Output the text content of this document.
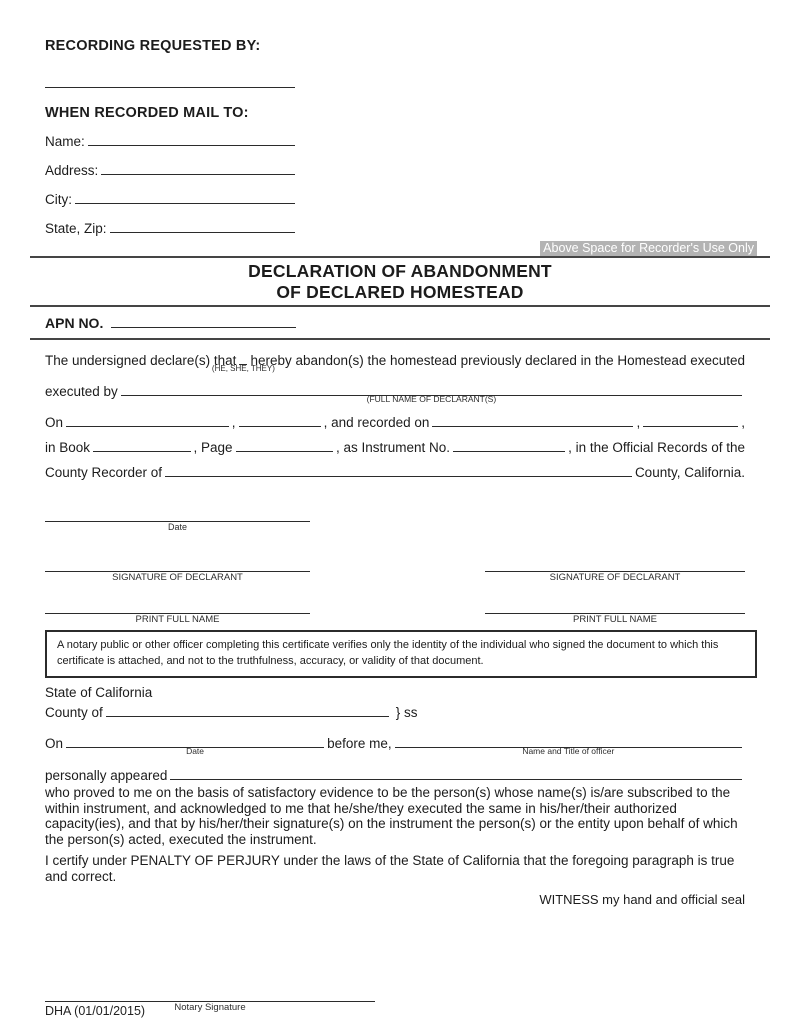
RECORDING REQUESTED BY:
WHEN RECORDED MAIL TO:
Name:
Address:
City:
State, Zip:
Above Space for Recorder's Use Only
DECLARATION OF ABANDONMENT
OF DECLARED HOMESTEAD
APN NO.
The undersigned declare(s) that
(HE, SHE, THEY)
hereby abandon(s) the homestead previously declared in the Homestead executed
executed by	(FULL NAME OF DECLARANT(S)
On	,	, and recorded on	,	,
in Book	, Page	, as Instrument No.	, in the Official Records of the
County Recorder of	County, California.
Date
SIGNATURE OF DECLARANT	SIGNATURE OF DECLARANT
PRINT FULL NAME	PRINT FULL NAME
A notary public or other officer completing this certificate verifies only the identity of the individual who signed the document to which this certificate is attached, and not to the truthfulness, accuracy, or validity of that document.
State of California
County of	} ss
On	Date	before me,	Name and Title of officer
personally appeared
who proved to me on the basis of satisfactory evidence to be the person(s) whose name(s) is/are subscribed to the within instrument, and acknowledged to me that he/she/they executed the same in his/her/their authorized capacity(ies), and that by his/her/their signature(s) on the instrument the person(s) or the entity upon behalf of which the person(s) acted, executed the instrument.
I certify under PENALTY OF PERJURY under the laws of the State of California that the foregoing paragraph is true and correct.
WITNESS my hand and official seal
Notary Signature
DHA (01/01/2015)
